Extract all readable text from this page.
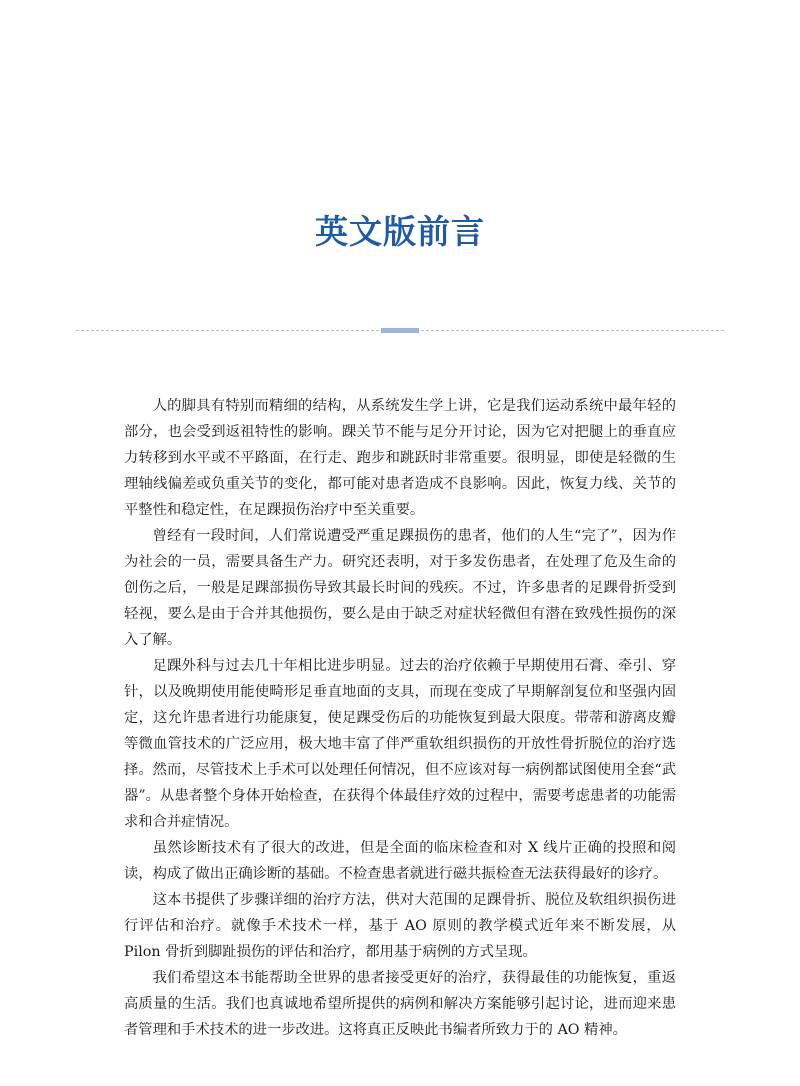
英文版前言

人的脚具有特别而精细的结构，从系统发生学上讲，它是我们运动系统中最年轻的部分，也会受到返祖特性的影响。踝关节不能与足分开讨论，因为它对把腿上的垂直应力转移到水平或不平路面，在行走、跑步和跳跃时非常重要。很明显，即使是轻微的生理轴线偏差或负重关节的变化，都可能对患者造成不良影响。因此，恢复力线、关节的平整性和稳定性，在足踝损伤治疗中至关重要。

曾经有一段时间，人们常说遭受严重足踝损伤的患者，他们的人生“完了”，因为作为社会的一员，需要具备生产力。研究还表明，对于多发伤患者，在处理了危及生命的创伤之后，一般是足踝部损伤导致其最长时间的残疾。不过，许多患者的足踝骨折受到轻视，要么是由于合并其他损伤，要么是由于缺乏对症状轻微但有潜在致残性损伤的深入了解。

足踝外科与过去几十年相比进步明显。过去的治疗依赖于早期使用石膏、牵引、穿针，以及晚期使用能使畸形足垂直地面的支具，而现在变成了早期解剖复位和坚强内固定，这允许患者进行功能康复，使足踝受伤后的功能恢复到最大限度。带蒂和游离皮瓣等微血管技术的广泛应用，极大地丰富了伴严重软组织损伤的开放性骨折脱位的治疗选择。然而，尽管技术上手术可以处理任何情况，但不应该对每一病例都试图使用全套“武器”。从患者整个身体开始检查，在获得个体最佳疗效的过程中，需要考虑患者的功能需求和合并症情况。

虽然诊断技术有了很大的改进，但是全面的临床检查和对 X 线片正确的投照和阅读，构成了做出正确诊断的基础。不检查患者就进行磁共振检查无法获得最好的诊疗。

这本书提供了步骤详细的治疗方法，供对大范围的足踝骨折、脱位及软组织损伤进行评估和治疗。就像手术技术一样，基于 AO 原则的教学模式近年来不断发展，从 Pilon 骨折到脚趾损伤的评估和治疗，都用基于病例的方式呈现。

我们希望这本书能帮助全世界的患者接受更好的治疗，获得最佳的功能恢复，重返高质量的生活。我们也真诚地希望所提供的病例和解决方案能够引起讨论，进而迎来患者管理和手术技术的进一步改进。这将真正反映此书编者所致力于的 AO 精神。
